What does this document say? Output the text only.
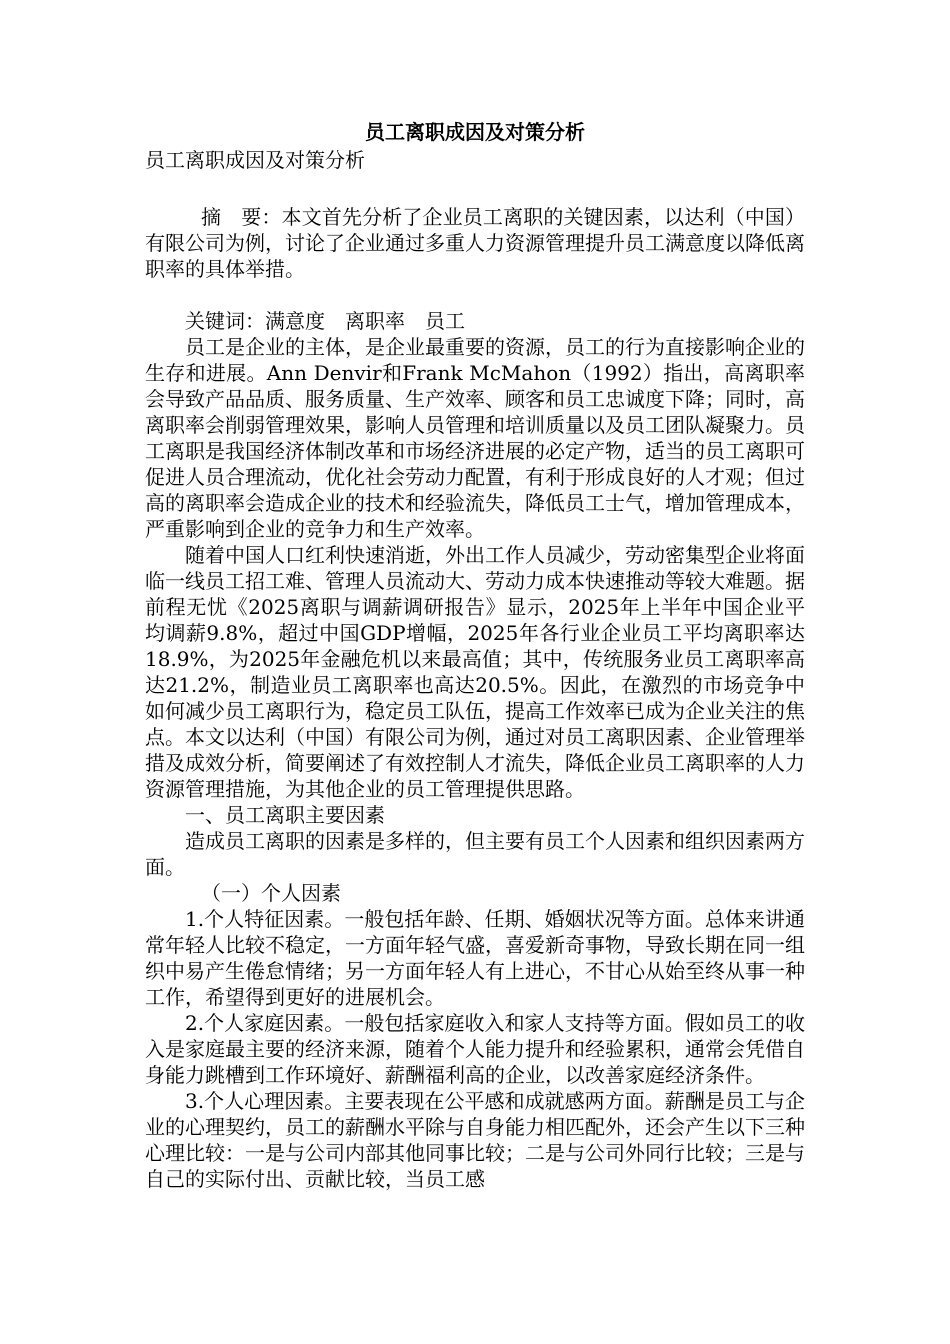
员工离职成因及对策分析
员工离职成因及对策分析

摘　要：本文首先分析了企业员工离职的关键因素，以达利（中国）有限公司为例，讨论了企业通过多重人力资源管理提升员工满意度以降低离职率的具体举措。

关键词：满意度　离职率　员工

员工是企业的主体，是企业最重要的资源，员工的行为直接影响企业的生存和进展。Ann Denvir和Frank McMahon（1992）指出，高离职率会导致产品品质、服务质量、生产效率、顾客和员工忠诚度下降；同时，高离职率会削弱管理效果，影响人员管理和培训质量以及员工团队凝聚力。员工离职是我国经济体制改革和市场经济进展的必定产物，适当的员工离职可促进人员合理流动，优化社会劳动力配置，有利于形成良好的人才观；但过高的离职率会造成企业的技术和经验流失，降低员工士气，增加管理成本，严重影响到企业的竞争力和生产效率。

随着中国人口红利快速消逝，外出工作人员减少，劳动密集型企业将面临一线员工招工难、管理人员流动大、劳动力成本快速推动等较大难题。据前程无忧《2025离职与调薪调研报告》显示，2025年上半年中国企业平均调薪9.8%，超过中国GDP增幅，2025年各行业企业员工平均离职率达18.9%，为2025年金融危机以来最高值；其中，传统服务业员工离职率高达21.2%，制造业员工离职率也高达20.5%。因此，在激烈的市场竞争中如何减少员工离职行为，稳定员工队伍，提高工作效率已成为企业关注的焦点。本文以达利（中国）有限公司为例，通过对员工离职因素、企业管理举措及成效分析，简要阐述了有效控制人才流失，降低企业员工离职率的人力资源管理措施，为其他企业的员工管理提供思路。

一、员工离职主要因素

造成员工离职的因素是多样的，但主要有员工个人因素和组织因素两方面。

（一）个人因素

1.个人特征因素。一般包括年龄、任期、婚姻状况等方面。总体来讲通常年轻人比较不稳定，一方面年轻气盛，喜爱新奇事物，导致长期在同一组织中易产生倦怠情绪；另一方面年轻人有上进心，不甘心从始至终从事一种工作，希望得到更好的进展机会。

2.个人家庭因素。一般包括家庭收入和家人支持等方面。假如员工的收入是家庭最主要的经济来源，随着个人能力提升和经验累积，通常会凭借自身能力跳槽到工作环境好、薪酬福利高的企业，以改善家庭经济条件。

3.个人心理因素。主要表现在公平感和成就感两方面。薪酬是员工与企业的心理契约，员工的薪酬水平除与自身能力相匹配外，还会产生以下三种心理比较：一是与公司内部其他同事比较；二是与公司外同行比较；三是与自己的实际付出、贡献比较，当员工感
